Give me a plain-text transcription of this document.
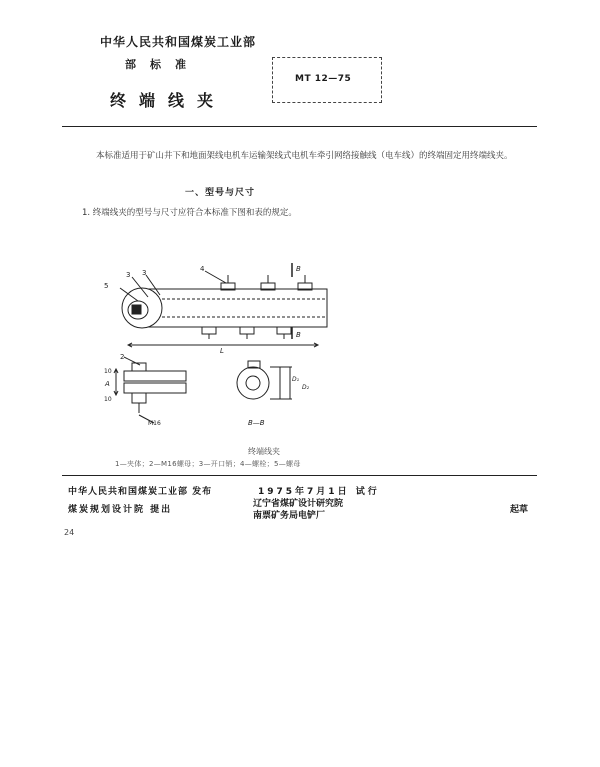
中华人民共和国煤炭工业部
部标准
终端线夹
MT 12—75
本标准适用于矿山井下和地面架线电机车运输架线式电机车牵引网络接触线（电车线）的终端固定用终端线夹。
一、型号与尺寸
1. 终端线夹的型号与尺寸应符合本标准下图和表的规定。
5
3 3	4	B
B
L
2
A
10
10
M16
D₁
D₂
B—B
终端线夹
1—夹体；2—M16螺母；3—开口销；4—螺栓；5—螺母
中华人民共和国煤炭工业部 发布
煤炭规划设计院 提出
1975年7月1日 试行
辽宁省煤矿设计研究院
南票矿务局电铲厂
起草
24
